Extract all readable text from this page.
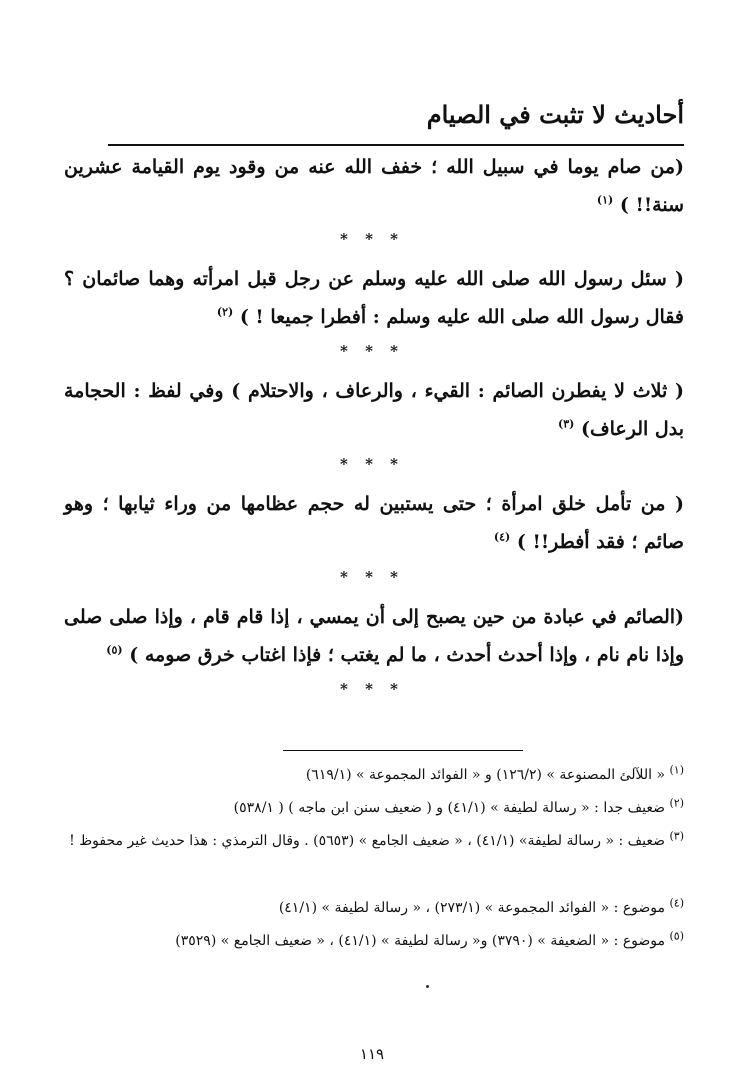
أحاديث لا تثبت في الصيام
(من صام يوما في سبيل الله ؛ خفف الله عنه من وقود يوم القيامة عشرين سنة!! ) $^{(١)}$
* * *
( سئل رسول الله صلى الله عليه وسلم عن رجل قبل امرأته وهما صائمان ؟ فقال رسول الله صلى الله عليه وسلم : أفطرا جميعا ! ) $^{(٢)}$
* * *
( ثلاث لا يفطرن الصائم : القيء ، والرعاف ، والاحتلام ) وفي لفظ : الحجامة بدل الرعاف) $^{(٣)}$
* * *
( من تأمل خلق امرأة ؛ حتى يستبين له حجم عظامها من وراء ثيابها ؛ وهو صائم ؛ فقد أفطر!! ) $^{(٤)}$
* * *
(الصائم في عبادة من حين يصبح إلى أن يمسي ، إذا قام قام ، وإذا صلى صلى وإذا نام نام ، وإذا أحدث أحدث ، ما لم يغتب ؛ فإذا اغتاب خرق صومه ) $^{(٥)}$
* * *
$^{(١)}$ « اللآلئ المصنوعة » (١٢٦/٢) و « الفوائد المجموعة » (٦١٩/١)
$^{(٢)}$ ضعيف جدا : « رسالة لطيفة » (٤١/١) و ( ضعيف سنن ابن ماجه ) ( ٥٣٨/١)
$^{(٣)}$ ضعيف : « رسالة لطيفة» (٤١/١) ، « ضعيف الجامع » (٥٦٥٣) . وقال الترمذي : هذا حديث غير محفوظ !
$^{(٤)}$ موضوع : « الفوائد المجموعة » (٢٧٣/١) ، « رسالة لطيفة » (٤١/١)
$^{(٥)}$ موضوع : « الضعيفة » (٣٧٩٠) و« رسالة لطيفة » (٤١/١) ، « ضعيف الجامع » (٣٥٢٩)
١١٩
